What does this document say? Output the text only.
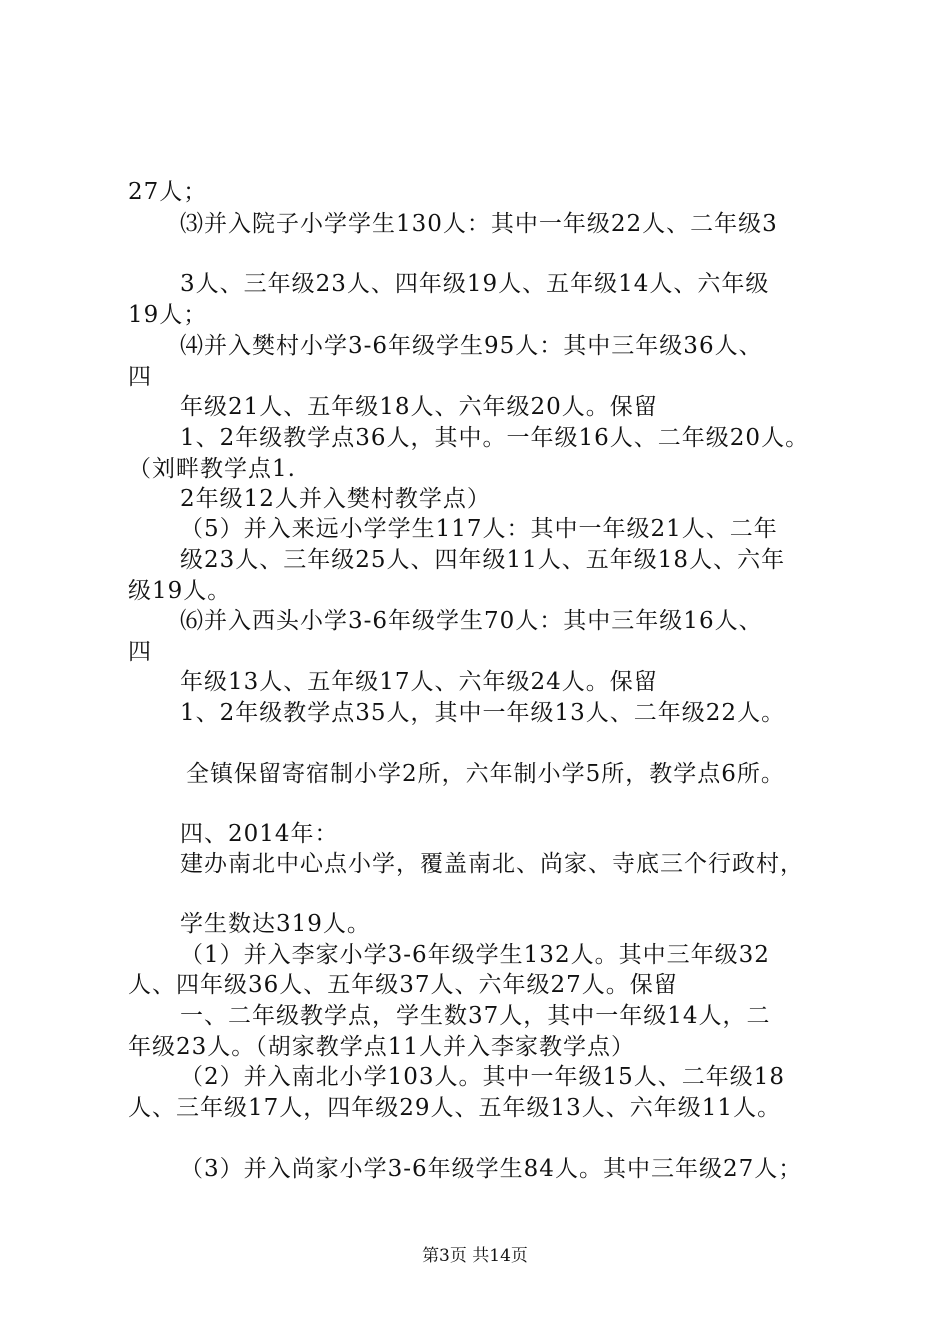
27人；
⑶并入院子小学学生130人：其中一年级22人、二年级3
3人、三年级23人、四年级19人、五年级14人、六年级
19人；
⑷并入樊村小学3-6年级学生95人：其中三年级36人、
四
年级21人、五年级18人、六年级20人。保留
1、2年级教学点36人，其中。一年级16人、二年级20人。
（刘畔教学点1.
2年级12人并入樊村教学点）
（5）并入来远小学学生117人：其中一年级21人、二年
级23人、三年级25人、四年级11人、五年级18人、六年
级19人。
⑹并入西头小学3-6年级学生70人：其中三年级16人、
四
年级13人、五年级17人、六年级24人。保留
1、2年级教学点35人，其中一年级13人、二年级22人。
全镇保留寄宿制小学2所，六年制小学5所，教学点6所。
四、2014年：
建办南北中心点小学，覆盖南北、尚家、寺底三个行政村，
学生数达319人。
（1）并入李家小学3-6年级学生132人。其中三年级32
人、四年级36人、五年级37人、六年级27人。保留
一、二年级教学点，学生数37人，其中一年级14人，二
年级23人。（胡家教学点11人并入李家教学点）
（2）并入南北小学103人。其中一年级15人、二年级18
人、三年级17人，四年级29人、五年级13人、六年级11人。
（3）并入尚家小学3-6年级学生84人。其中三年级27人；
第3页 共14页
